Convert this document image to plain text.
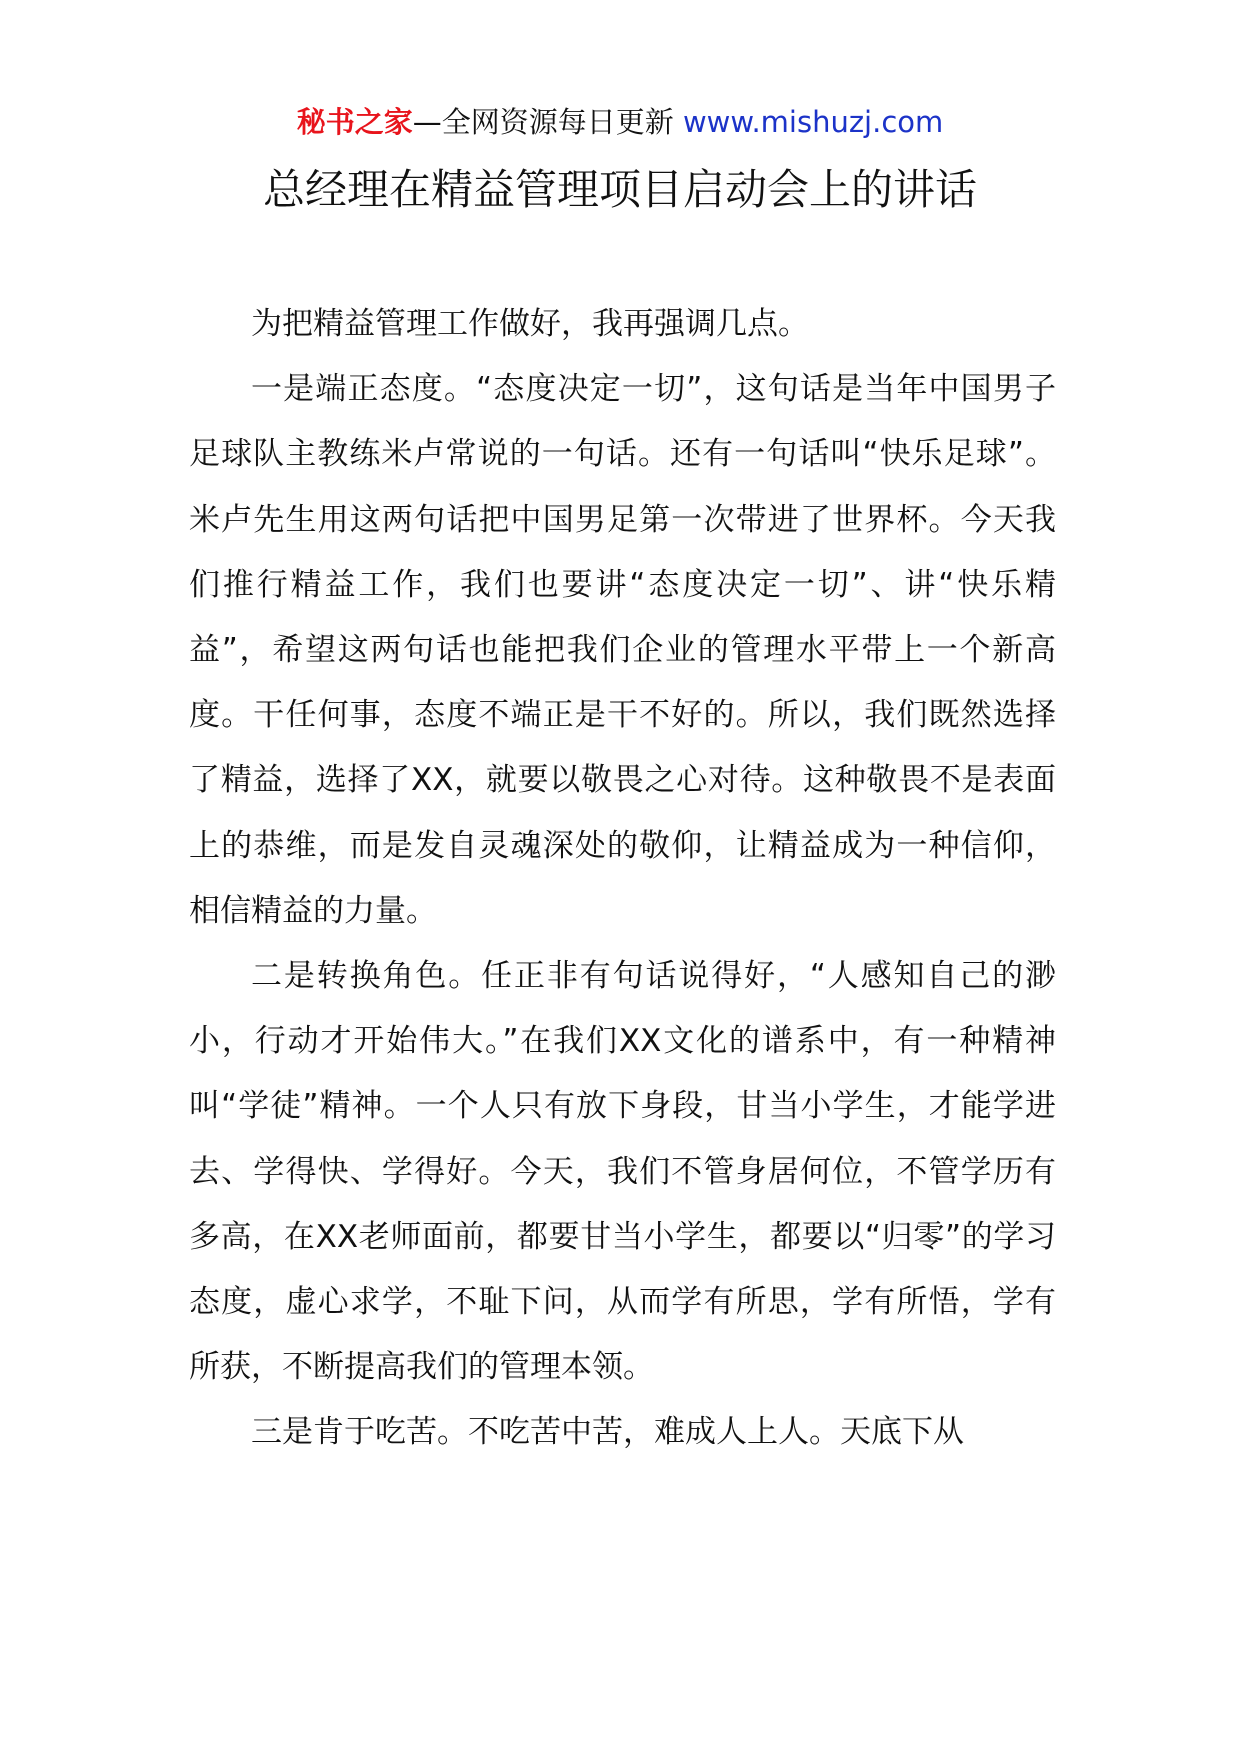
秘书之家—全网资源每日更新 www.mishuzj.com
总经理在精益管理项目启动会上的讲话

为把精益管理工作做好，我再强调几点。

一是端正态度。“态度决定一切”，这句话是当年中国男子足球队主教练米卢常说的一句话。还有一句话叫“快乐足球”。米卢先生用这两句话把中国男足第一次带进了世界杯。今天我们推行精益工作，我们也要讲“态度决定一切”、讲“快乐精益”，希望这两句话也能把我们企业的管理水平带上一个新高度。干任何事，态度不端正是干不好的。所以，我们既然选择了精益，选择了XX，就要以敬畏之心对待。这种敬畏不是表面上的恭维，而是发自灵魂深处的敬仰，让精益成为一种信仰，相信精益的力量。

二是转换角色。任正非有句话说得好，“人感知自己的渺小，行动才开始伟大。”在我们XX文化的谱系中，有一种精神叫“学徒”精神。一个人只有放下身段，甘当小学生，才能学进去、学得快、学得好。今天，我们不管身居何位，不管学历有多高，在XX老师面前，都要甘当小学生，都要以“归零”的学习态度，虚心求学，不耻下问，从而学有所思，学有所悟，学有所获，不断提高我们的管理本领。

三是肯于吃苦。不吃苦中苦，难成人上人。天底下从
